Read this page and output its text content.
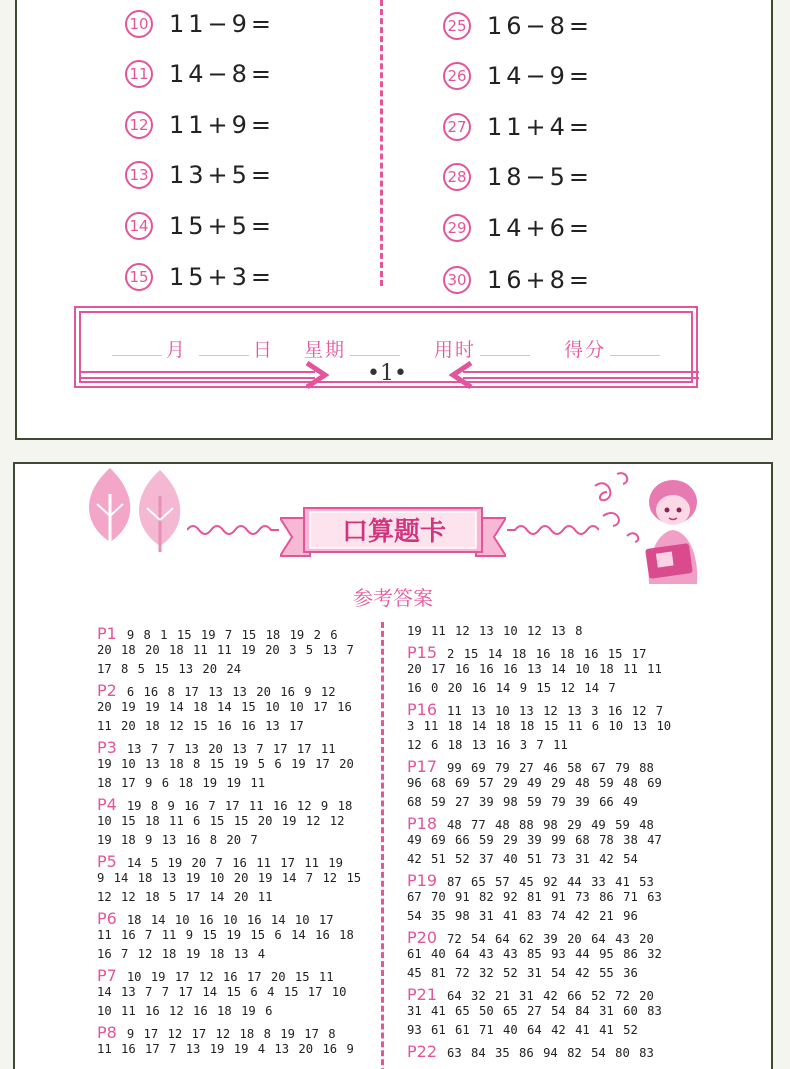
10 11−9=
11 14−8=
12 11+9=
13 13+5=
14 15+5=
15 15+3=
25 16−8=
26 14−9=
27 11+4=
28 18−5=
29 14+6=
30 16+8=
月	日 星期	用时	得分
•1•
口算题卡
参考答案
P1 9 8 1 15 19 7 15 18 19 2 6
20 18 20 18 11 11 19 20 3 5 13 7
17 8 5 15 13 20 24
P2 6 16 8 17 13 13 20 16 9 12
20 19 19 14 18 14 15 10 10 17 16
11 20 18 12 15 16 16 13 17
P3 13 7 7 13 20 13 7 17 17 11
19 10 13 18 8 15 19 5 6 19 17 20
18 17 9 6 18 19 19 11
P4 19 8 9 16 7 17 11 16 12 9 18
10 15 18 11 6 15 15 20 19 12 12
19 18 9 13 16 8 20 7
P5 14 5 19 20 7 16 11 17 11 19
9 14 18 13 19 10 20 19 14 7 12 15
12 12 18 5 17 14 20 11
P6 18 14 10 16 10 16 14 10 17
11 16 7 11 9 15 19 15 6 14 16 18
16 7 12 18 19 18 13 4
P7 10 19 17 12 16 17 20 15 11
14 13 7 7 17 14 15 6 4 15 17 10
10 11 16 12 16 18 19 6
P8 9 17 12 17 12 18 8 19 17 8
11 16 17 7 13 19 19 4 13 20 16 9
19 11 12 13 10 12 13 8
P15 2 15 14 18 16 18 16 15 17
20 17 16 16 16 13 14 10 18 11 11
16 0 20 16 14 9 15 12 14 7
P16 11 13 10 13 12 13 3 16 12 7
3 11 18 14 18 18 15 11 6 10 13 10
12 6 18 13 16 3 7 11
P17 99 69 79 27 46 58 67 79 88
96 68 69 57 29 49 29 48 59 48 69
68 59 27 39 98 59 79 39 66 49
P18 48 77 48 88 98 29 49 59 48
49 69 66 59 29 39 99 68 78 38 47
42 51 52 37 40 51 73 31 42 54
P19 87 65 57 45 92 44 33 41 53
67 70 91 82 92 81 91 73 86 71 63
54 35 98 31 41 83 74 42 21 96
P20 72 54 64 62 39 20 64 43 20
61 40 64 43 43 85 93 44 95 86 32
45 81 72 32 52 31 54 42 55 36
P21 64 32 21 31 42 66 52 72 20
31 41 65 50 65 27 54 84 31 60 83
93 61 61 71 40 64 42 41 41 52
P22 63 84 35 86 94 82 54 80 83
